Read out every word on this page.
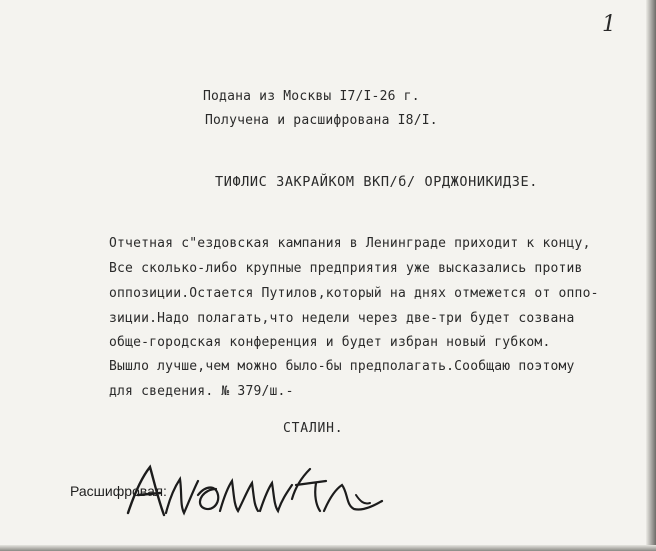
1
Подана из Москвы I7/I-26 г.
Получена и расшифрована I8/I.
ТИФЛИС ЗАКРАЙКОМ ВКП/б/ ОРДЖОНИКИДЗЕ.
Отчетная с"ездовская кампания в Ленинграде приходит к концу,
Все сколько-либо крупные предприятия уже высказались против
оппозиции.Остается Путилов,который на днях отмежется от оппо-
зиции.Надо полагать,что недели через две-три будет созвана
обще-городская конференция и будет избран новый губком.
Вышло лучше,чем можно было-бы предполагать.Сообщаю поэтому
для сведения. № 379/ш.-
СТАЛИН.
Расшифровал:
